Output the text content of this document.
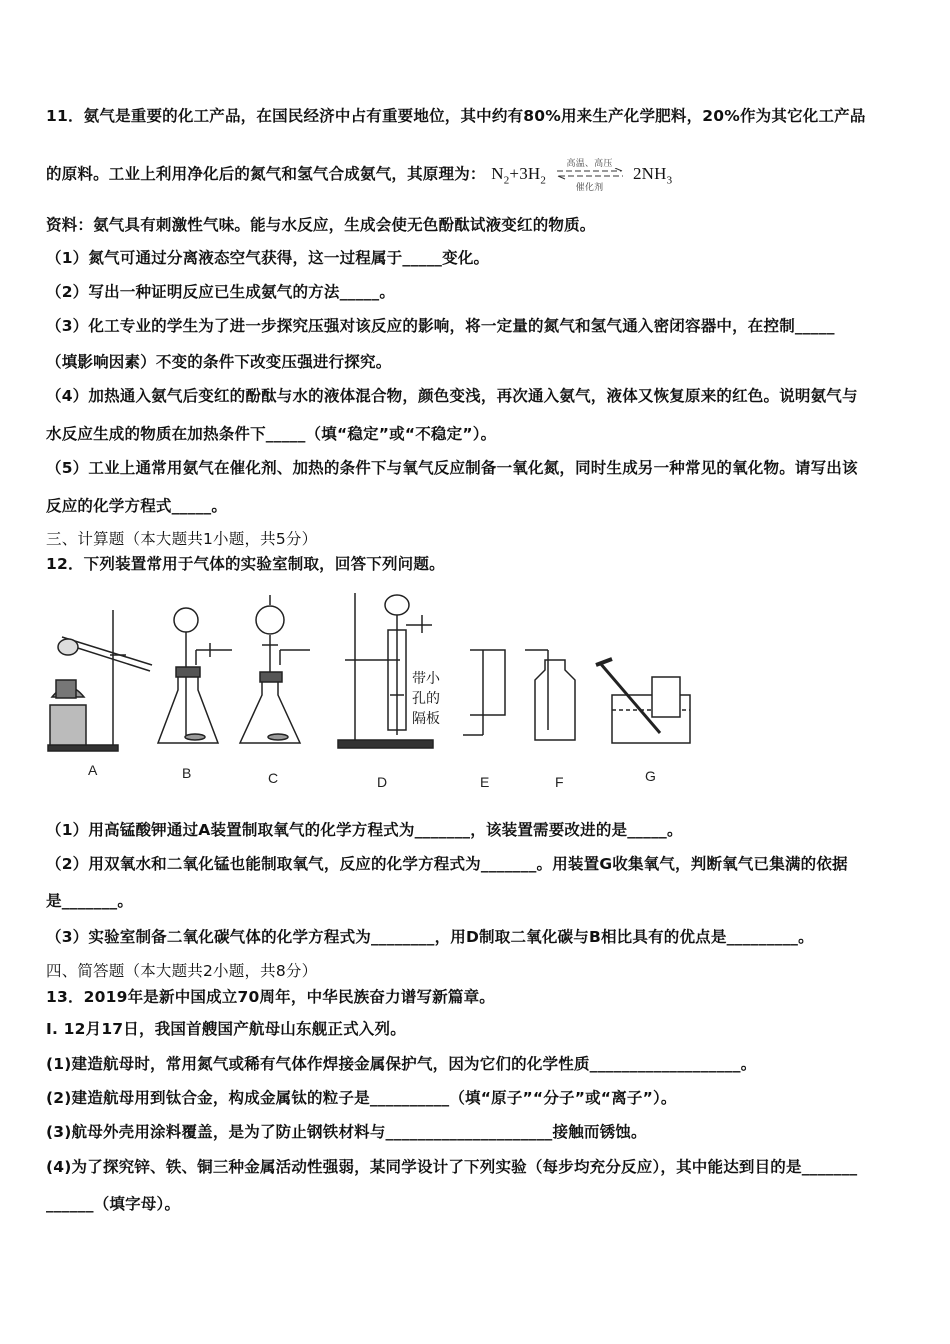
11．氨气是重要的化工产品，在国民经济中占有重要地位，其中约有80%用来生产化学肥料，20%作为其它化工产品
的原料。工业上利用净化后的氮气和氢气合成氨气，其原理为： $N_2+3H_2$
高温、高压
催化剂
$2NH_3$
资料：氨气具有刺激性气味。能与水反应，生成会使无色酚酞试液变红的物质。
（1）氮气可通过分离液态空气获得，这一过程属于_____变化。
（2）写出一种证明反应已生成氨气的方法_____。
（3）化工专业的学生为了进一步探究压强对该反应的影响，将一定量的氮气和氢气通入密闭容器中，在控制_____
（填影响因素）不变的条件下改变压强进行探究。
（4）加热通入氨气后变红的酚酞与水的液体混合物，颜色变浅，再次通入氨气，液体又恢复原来的红色。说明氨气与
水反应生成的物质在加热条件下_____（填“稳定”或“不稳定”）。
（5）工业上通常用氨气在催化剂、加热的条件下与氧气反应制备一氧化氮，同时生成另一种常见的氧化物。请写出该
反应的化学方程式_____。
三、计算题（本大题共1小题，共5分）
12．下列装置常用于气体的实验室制取，回答下列问题。
带小
孔的
隔板
A	B	C	D	E	F	G
（1）用高锰酸钾通过A装置制取氧气的化学方程式为_______，该装置需要改进的是_____。
（2）用双氧水和二氧化锰也能制取氧气，反应的化学方程式为_______。用装置G收集氧气，判断氧气已集满的依据
是_______。
（3）实验室制备二氧化碳气体的化学方程式为________，用D制取二氧化碳与B相比具有的优点是_________。
四、简答题（本大题共2小题，共8分）
13．2019年是新中国成立70周年，中华民族奋力谱写新篇章。
I. 12月17日，我国首艘国产航母山东舰正式入列。
(1)建造航母时，常用氮气或稀有气体作焊接金属保护气，因为它们的化学性质___________________。
(2)建造航母用到钛合金，构成金属钛的粒子是__________（填“原子”“分子”或“离子”）。
(3)航母外壳用涂料覆盖，是为了防止钢铁材料与_____________________接触而锈蚀。
(4)为了探究锌、铁、铜三种金属活动性强弱，某同学设计了下列实验（每步均充分反应），其中能达到目的是_______
______（填字母）。
